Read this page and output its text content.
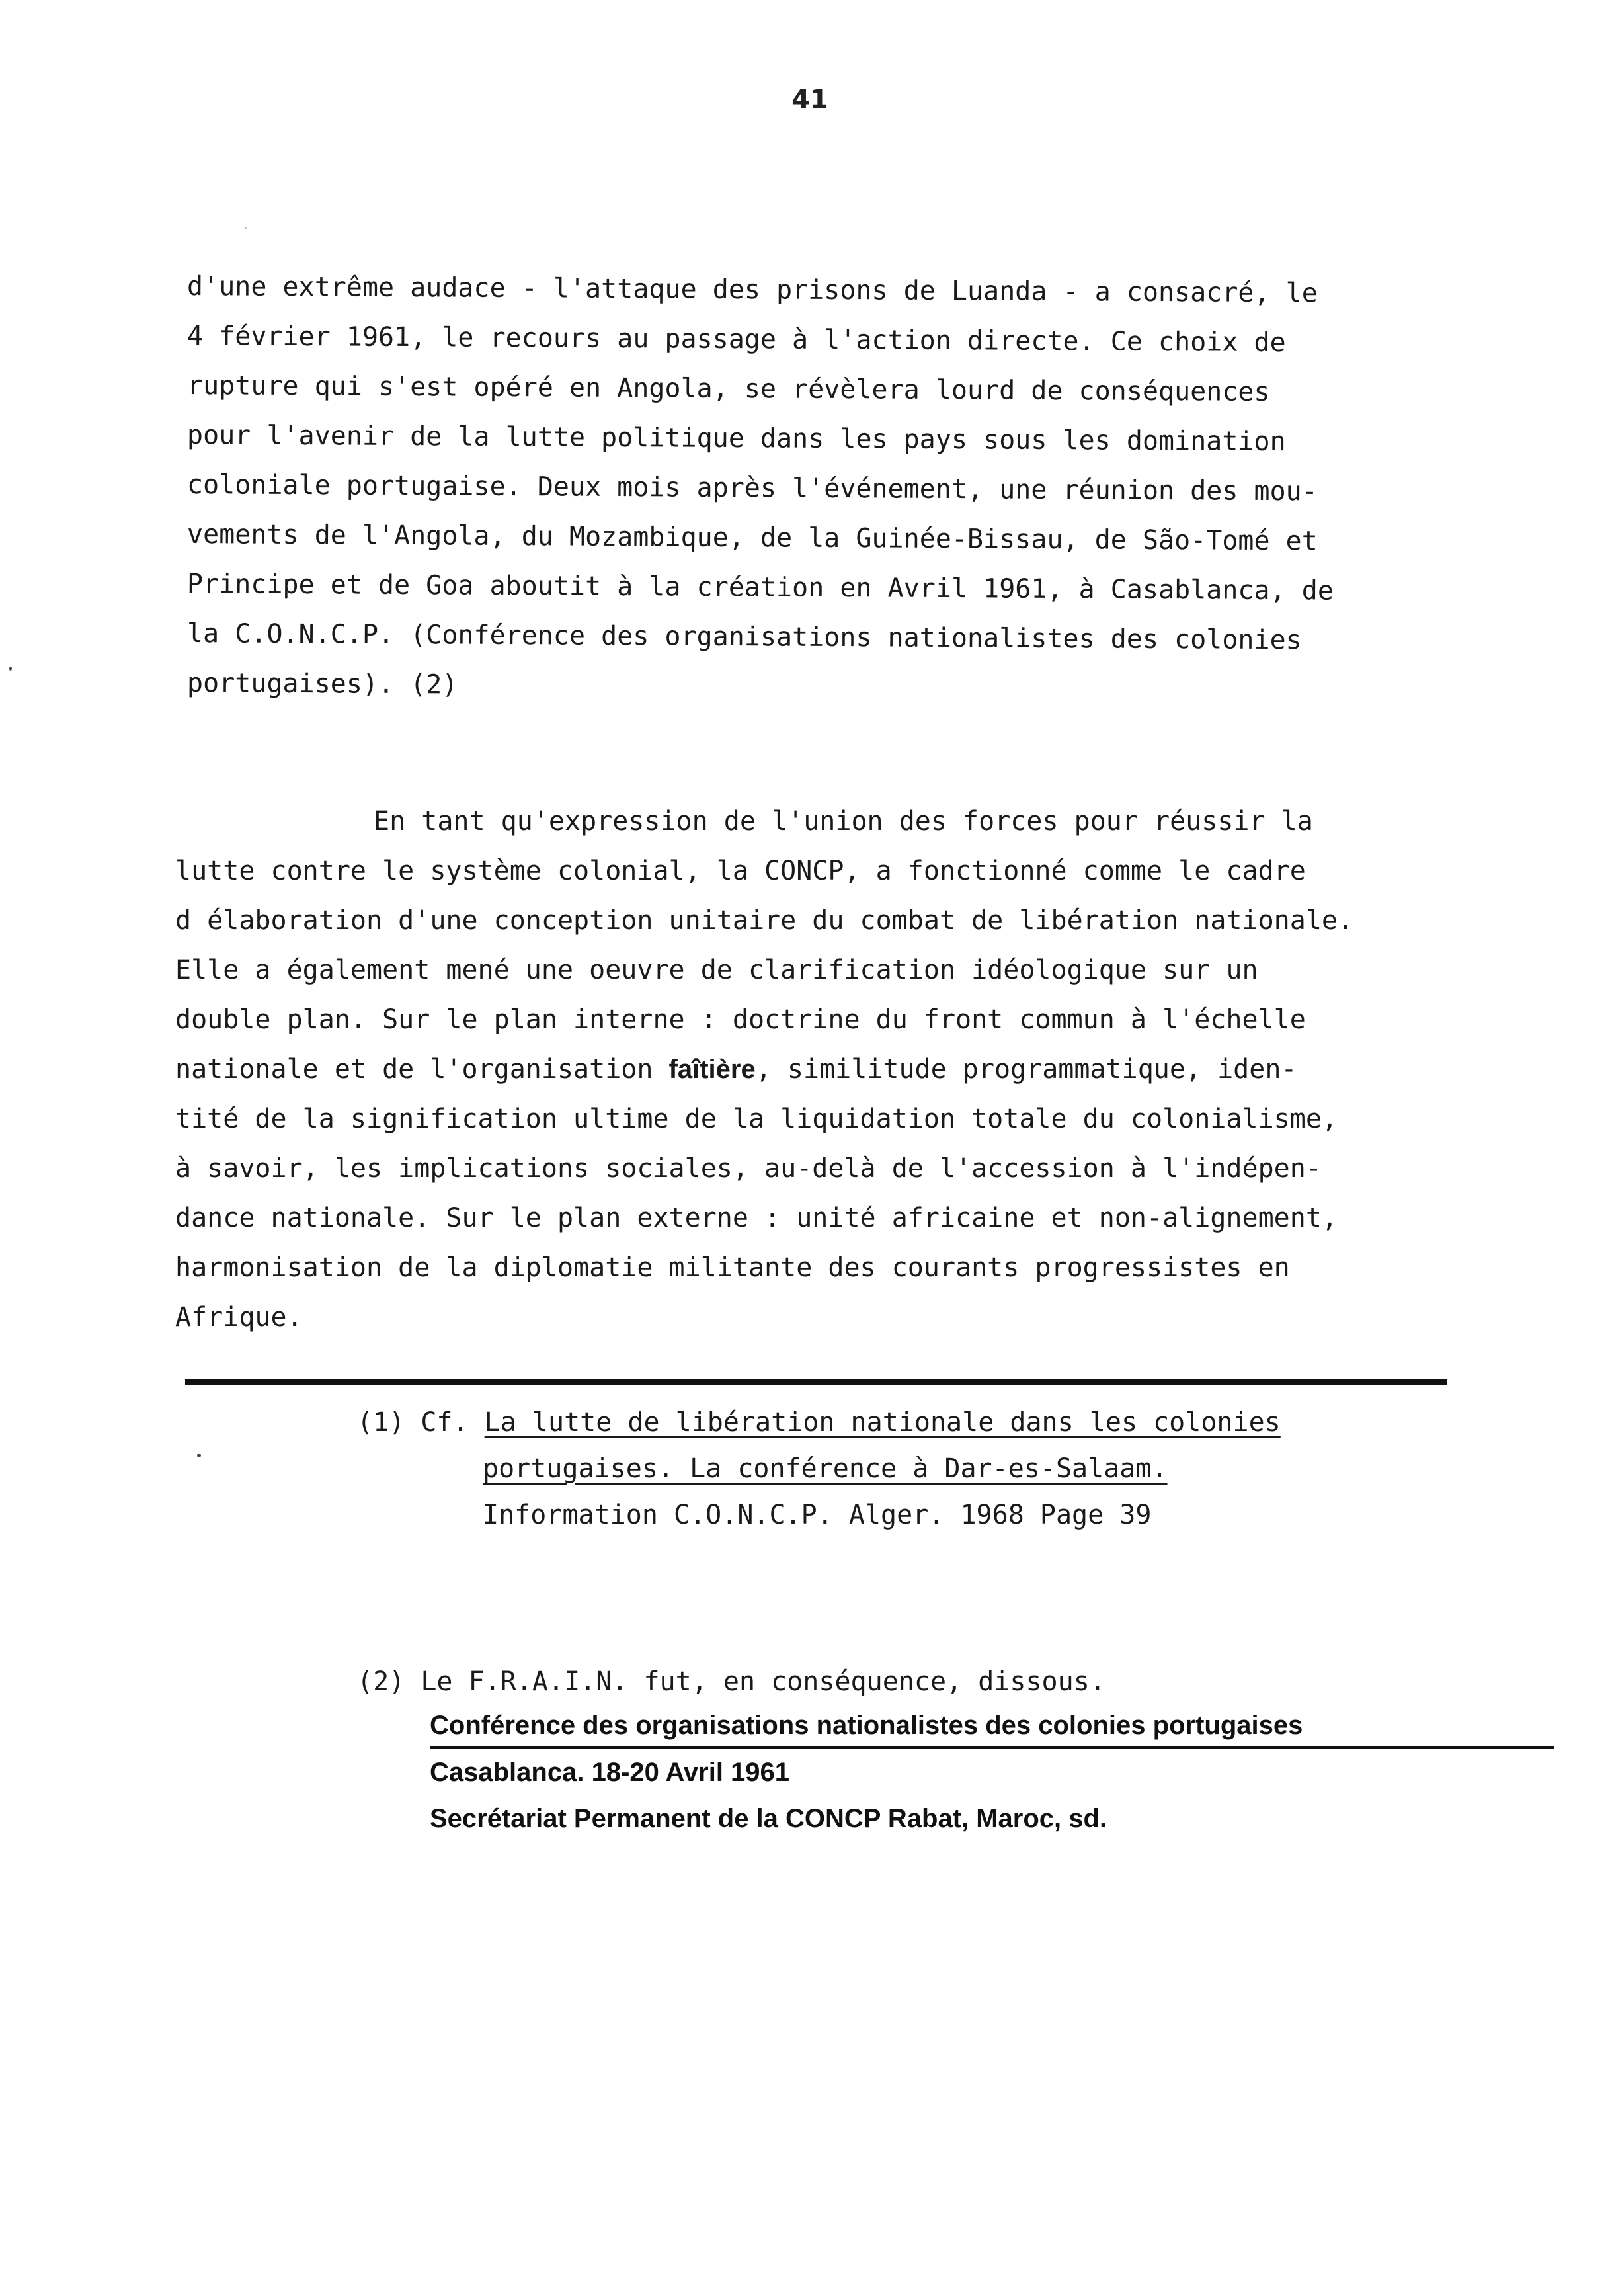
41
d'une extrême audace - l'attaque des prisons de Luanda - a consacré, le
4 février 1961, le recours au passage à l'action directe. Ce choix de
rupture qui s'est opéré en Angola, se révèlera lourd de conséquences
pour l'avenir de la lutte politique dans les pays sous les domination
coloniale portugaise. Deux mois après l'événement, une réunion des mou-
vements de l'Angola, du Mozambique, de la Guinée-Bissau, de São-Tomé et
Principe et de Goa aboutit à la création en Avril 1961, à Casablanca, de
la C.O.N.C.P. (Conférence des organisations nationalistes des colonies
portugaises). (2)
En tant qu'expression de l'union des forces pour réussir la
lutte contre le système colonial, la CONCP, a fonctionné comme le cadre
d élaboration d'une conception unitaire du combat de libération nationale.
Elle a également mené une oeuvre de clarification idéologique sur un
double plan. Sur le plan interne : doctrine du front commun à l'échelle
nationale et de l'organisation faîtière, similitude programmatique, iden-
tité de la signification ultime de la liquidation totale du colonialisme,
à savoir, les implications sociales, au-delà de l'accession à l'indépen-
dance nationale. Sur le plan externe : unité africaine et non-alignement,
harmonisation de la diplomatie militante des courants progressistes en
Afrique.
(1) Cf. La lutte de libération nationale dans les colonies
portugaises. La conférence à Dar-es-Salaam.
Information C.O.N.C.P. Alger. 1968 Page 39
(2) Le F.R.A.I.N. fut, en conséquence, dissous.
Conférence des organisations nationalistes des colonies portugaises
Casablanca. 18-20 Avril 1961
Secrétariat Permanent de la CONCP Rabat, Maroc, sd.
